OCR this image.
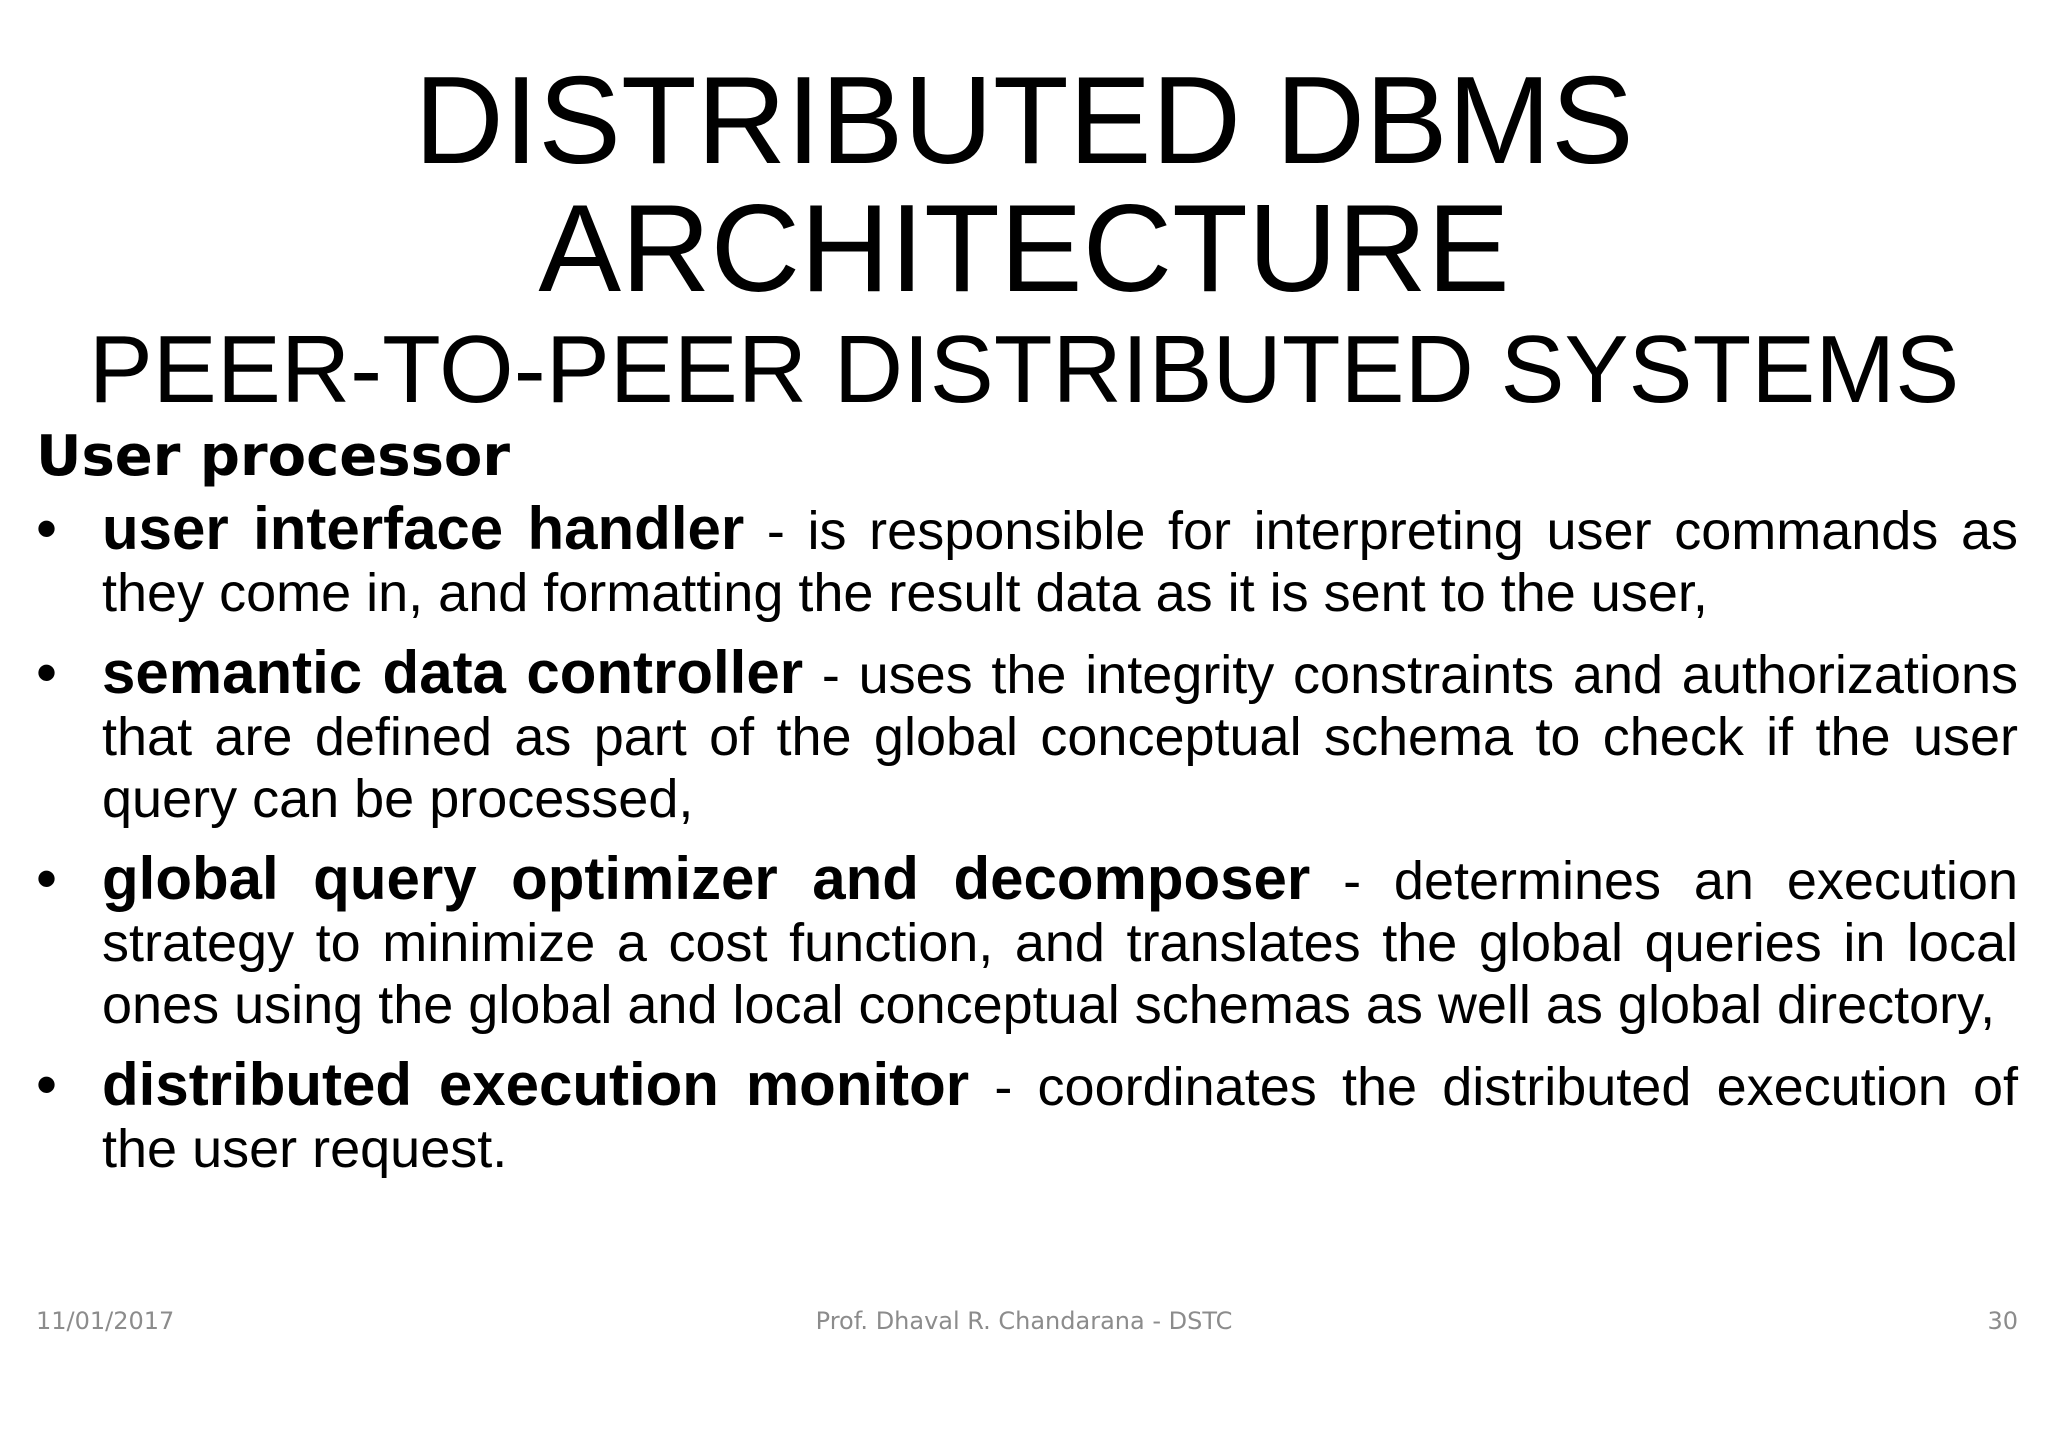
DISTRIBUTED DBMS
ARCHITECTURE
PEER-TO-PEER DISTRIBUTED SYSTEMS
User processor
• user interface handler - is responsible for interpreting user commands as they come in, and formatting the result data as it is sent to the user,
• semantic data controller - uses the integrity constraints and authorizations that are defined as part of the global conceptual schema to check if the user query can be processed,
• global query optimizer and decomposer - determines an execution strategy to minimize a cost function, and translates the global queries in local ones using the global and local conceptual schemas as well as global directory,
• distributed execution monitor - coordinates the distributed execution of the user request.
Prof. Dhaval R. Chandarana - DSTC
11/01/2017	30
